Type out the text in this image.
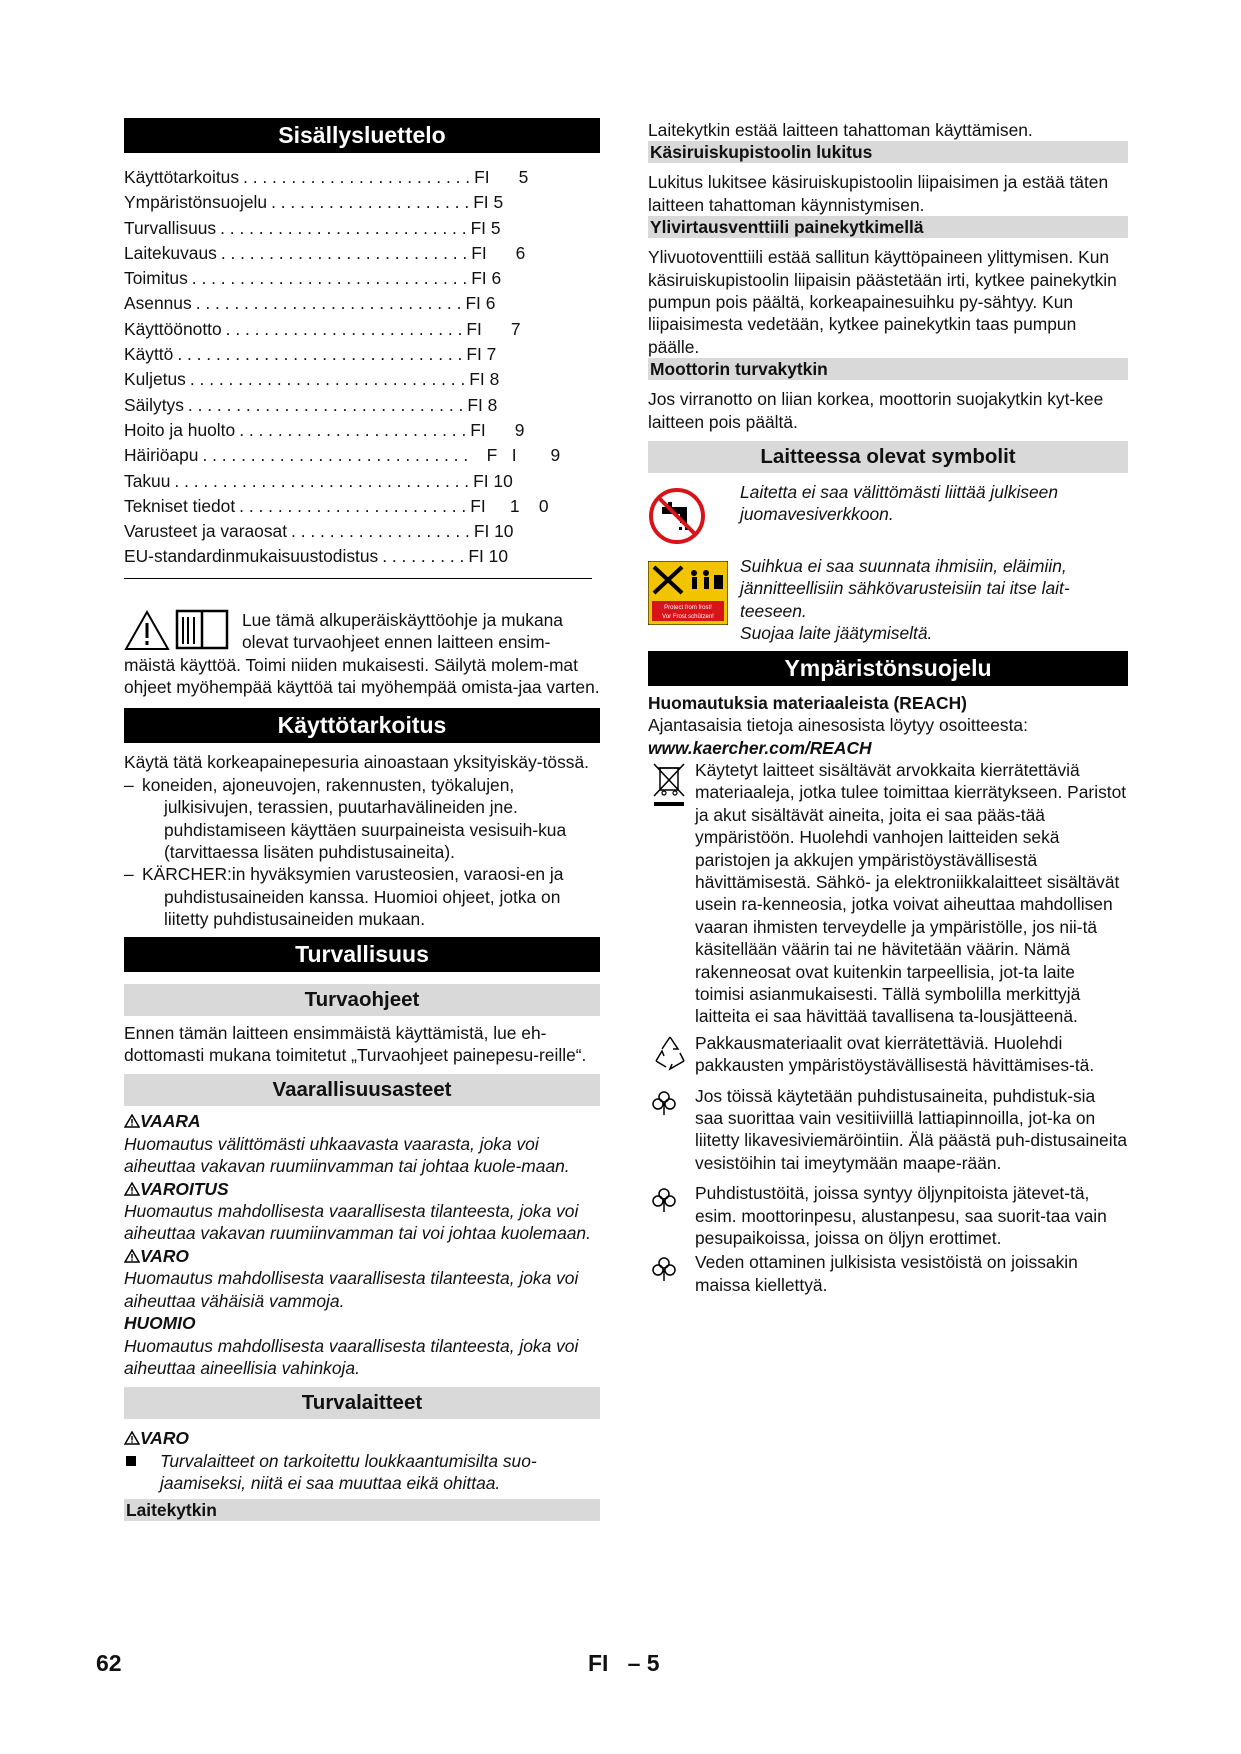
Sisällysluettelo
Käyttötarkoitus . . . . . . . . . . . . . . . . . . . . . . . . FI      5
Ympäristönsuojelu . . . . . . . . . . . . . . . . . . . . . FI 5
Turvallisuus . . . . . . . . . . . . . . . . . . . . . . . . . . FI 5
Laitekuvaus . . . . . . . . . . . . . . . . . . . . . . . . . . FI      6
Toimitus . . . . . . . . . . . . . . . . . . . . . . . . . . . . . FI 6
Asennus . . . . . . . . . . . . . . . . . . . . . . . . . . . . FI 6
Käyttöönotto . . . . . . . . . . . . . . . . . . . . . . . . . FI      7
Käyttö . . . . . . . . . . . . . . . . . . . . . . . . . . . . . . FI 7
Kuljetus . . . . . . . . . . . . . . . . . . . . . . . . . . . . . FI 8
Säilytys . . . . . . . . . . . . . . . . . . . . . . . . . . . . . FI 8
Hoito ja huolto . . . . . . . . . . . . . . . . . . . . . . . . FI      9
Häiriöapu . . . . . . . . . . . . . . . . . . . . . . . . . . . .   F   I       9
Takuu . . . . . . . . . . . . . . . . . . . . . . . . . . . . . . . FI 10
Tekniset tiedot . . . . . . . . . . . . . . . . . . . . . . . . FI     1    0
Varusteet ja varaosat . . . . . . . . . . . . . . . . . . . FI 10
EU-standardinmukaisuustodistus . . . . . . . . . FI 10

Lue tämä alkuperäiskäyttöohje ja mukana olevat turvaohjeet ennen laitteen ensim-

mäistä käyttöä. Toimi niiden mukaisesti. Säilytä molem-mat ohjeet myöhempää käyttöä tai myöhempää omista-jaa varten.

Käyttötarkoitus

Käytä tätä korkeapainepesuria ainoastaan yksityiskäy-tössä.

– koneiden, ajoneuvojen, rakennusten, työkalujen, julkisivujen, terassien, puutarhavälineiden jne. puhdistamiseen käyttäen suurpaineista vesisuih-kua (tarvittaessa lisäten puhdistusaineita).

– KÄRCHER:in hyväksymien varusteosien, varaosi-en ja puhdistusaineiden kanssa. Huomioi ohjeet, jotka on liitetty puhdistusaineiden mukaan.

Turvallisuus
Turvaohjeet

Ennen tämän laitteen ensimmäistä käyttämistä, lue eh-dottomasti mukana toimitetut „Turvaohjeet painepesu-reille“.

Vaarallisuusasteet

VAARA

Huomautus välittömästi uhkaavasta vaarasta, joka voi aiheuttaa vakavan ruumiinvamman tai johtaa kuole-maan.

VAROITUS

Huomautus mahdollisesta vaarallisesta tilanteesta, joka voi aiheuttaa vakavan ruumiinvamman tai voi johtaa kuolemaan.

VARO

Huomautus mahdollisesta vaarallisesta tilanteesta, joka voi aiheuttaa vähäisiä vammoja.

HUOMIO

Huomautus mahdollisesta vaarallisesta tilanteesta, joka voi aiheuttaa aineellisia vahinkoja.

Turvalaitteet

VARO

Turvalaitteet on tarkoitettu loukkaantumisilta suo-jaamiseksi, niitä ei saa muuttaa eikä ohittaa.
Laitekytkin

Laitekytkin estää laitteen tahattoman käyttämisen.

Käsiruiskupistoolin lukitus

Lukitus lukitsee käsiruiskupistoolin liipaisimen ja estää täten laitteen tahattoman käynnistymisen.

Ylivirtausventtiili painekytkimellä

Ylivuotoventtiili estää sallitun käyttöpaineen ylittymisen. Kun käsiruiskupistoolin liipaisin päästetään irti, kytkee painekytkin pumpun pois päältä, korkeapainesuihku py-sähtyy. Kun liipaisimesta vedetään, kytkee painekytkin taas pumpun päälle.

Moottorin turvakytkin

Jos virranotto on liian korkea, moottorin suojakytkin kyt-kee laitteen pois päältä.

Laitteessa olevat symbolit

Laitetta ei saa välittömästi liittää julkiseen juomavesiverkkoon.

Protect from frost!
Vor Frost schützen!

Suihkua ei saa suunnata ihmisiin, eläimiin, jännitteellisiin sähkövarusteisiin tai itse lait-teeseen.

Suojaa laite jäätymiseltä.

Ympäristönsuojelu

Huomautuksia materiaaleista (REACH)

Ajantasaisia tietoja ainesosista löytyy osoitteesta:

www.kaercher.com/REACH

Käytetyt laitteet sisältävät arvokkaita kierrätettäviä materiaaleja, jotka tulee toimittaa kierrätykseen. Paristot ja akut sisältävät aineita, joita ei saa pääs-tää ympäristöön. Huolehdi vanhojen laitteiden sekä paristojen ja akkujen ympäristöystävällisestä hävittämisestä. Sähkö- ja elektroniikkalaitteet sisältävät usein ra-kenneosia, jotka voivat aiheuttaa mahdollisen vaaran ihmisten terveydelle ja ympäristölle, jos nii-tä käsitellään väärin tai ne hävitetään väärin. Nämä rakenneosat ovat kuitenkin tarpeellisia, jot-ta laite toimisi asianmukaisesti. Tällä symbolilla merkittyjä laitteita ei saa hävittää tavallisena ta-lousjätteenä.
Pakkausmateriaalit ovat kierrätettäviä. Huolehdi pakkausten ympäristöystävällisestä hävittämises-tä.
Jos töissä käytetään puhdistusaineita, puhdistuk-sia saa suorittaa vain vesitiiviillä lattiapinnoilla, jot-ka on liitetty likavesiviemäröintiin. Älä päästä puh-distusaineita vesistöihin tai imeytymään maape-rään.
Puhdistustöitä, joissa syntyy öljynpitoista jätevet-tä, esim. moottorinpesu, alustanpesu, saa suorit-taa vain pesupaikoissa, joissa on öljyn erottimet.
Veden ottaminen julkisista vesistöistä on joissakin maissa kiellettyä.
62	FI   – 5
